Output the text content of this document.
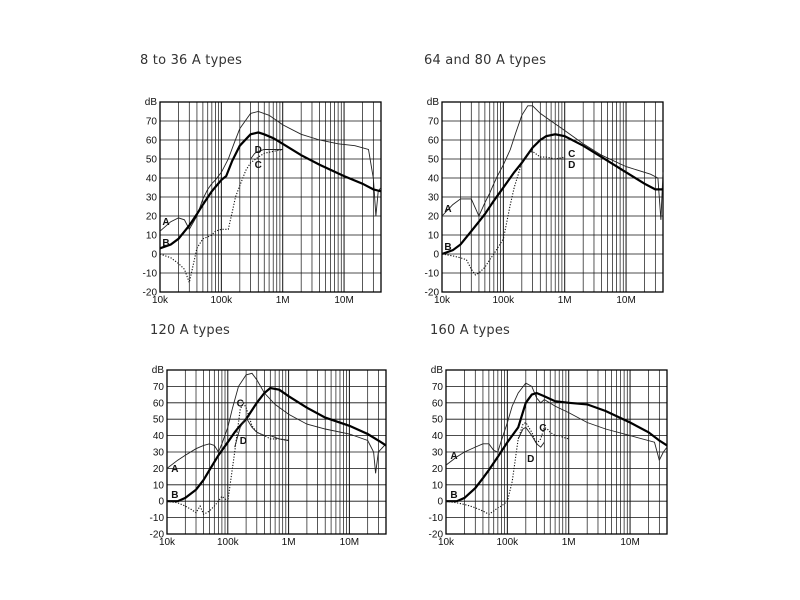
8 to 36 A types	64 and 80 A types
120 A types	160 A types
-20
-10
0
10
20
30
40
50
60
70
dB
10k	100k	1M	10M
A
B
D
C
-20
-10
0
10
20
30
40
50
60
70
dB
10k	100k	1M	10M
A
B
C
D
-20
-10
0
10
20
30
40
50
60
70
dB
10k	100k	1M	10M
A
B
C
D
-20
-10
0
10
20
30
40
50
60
70
dB
10k	100k	1M	10M
A
B
C
D
